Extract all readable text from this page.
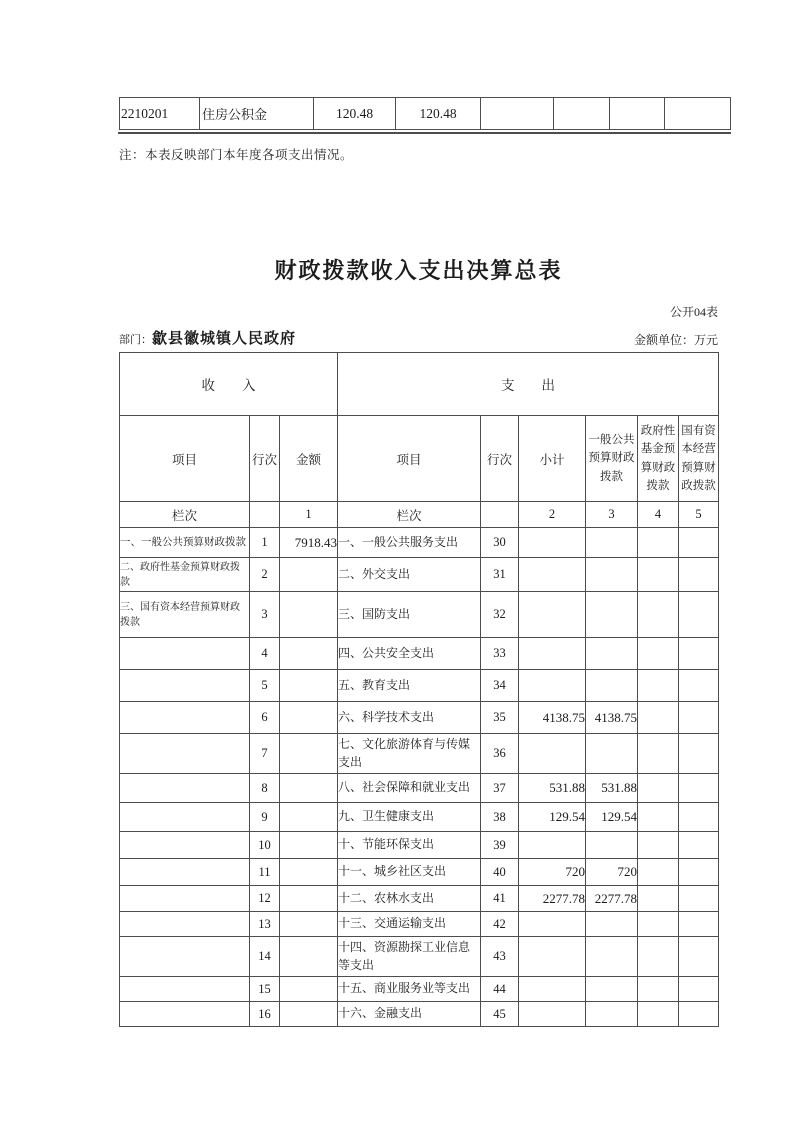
2210201	住房公积金	120.48	120.48				
注：本表反映部门本年度各项支出情况。
财政拨款收入支出决算总表
公开04表
部门：歙县徽城镇人民政府	金额单位：万元
收　　入			支　　出					
项目	行次	金额	项目	行次	小计	一般公共预算财政拨款	政府性基金预算财政拨款	国有资本经营预算财政拨款
栏次		1	栏次		2	3	4	5
一、一般公共预算财政拨款	1	7918.43	一、一般公共服务支出	30				
二、政府性基金预算财政拨款	2		二、外交支出	31				
三、国有资本经营预算财政拨款	3		三、国防支出	32				
	4		四、公共安全支出	33				
	5		五、教育支出	34				
	6		六、科学技术支出	35	4138.75	4138.75		
	7		七、文化旅游体育与传媒支出	36				
	8		八、社会保障和就业支出	37	531.88	531.88		
	9		九、卫生健康支出	38	129.54	129.54		
	10		十、节能环保支出	39				
	11		十一、城乡社区支出	40	720	720		
	12		十二、农林水支出	41	2277.78	2277.78		
	13		十三、交通运输支出	42				
	14		十四、资源勘探工业信息等支出	43				
	15		十五、商业服务业等支出	44				
	16		十六、金融支出	45				
